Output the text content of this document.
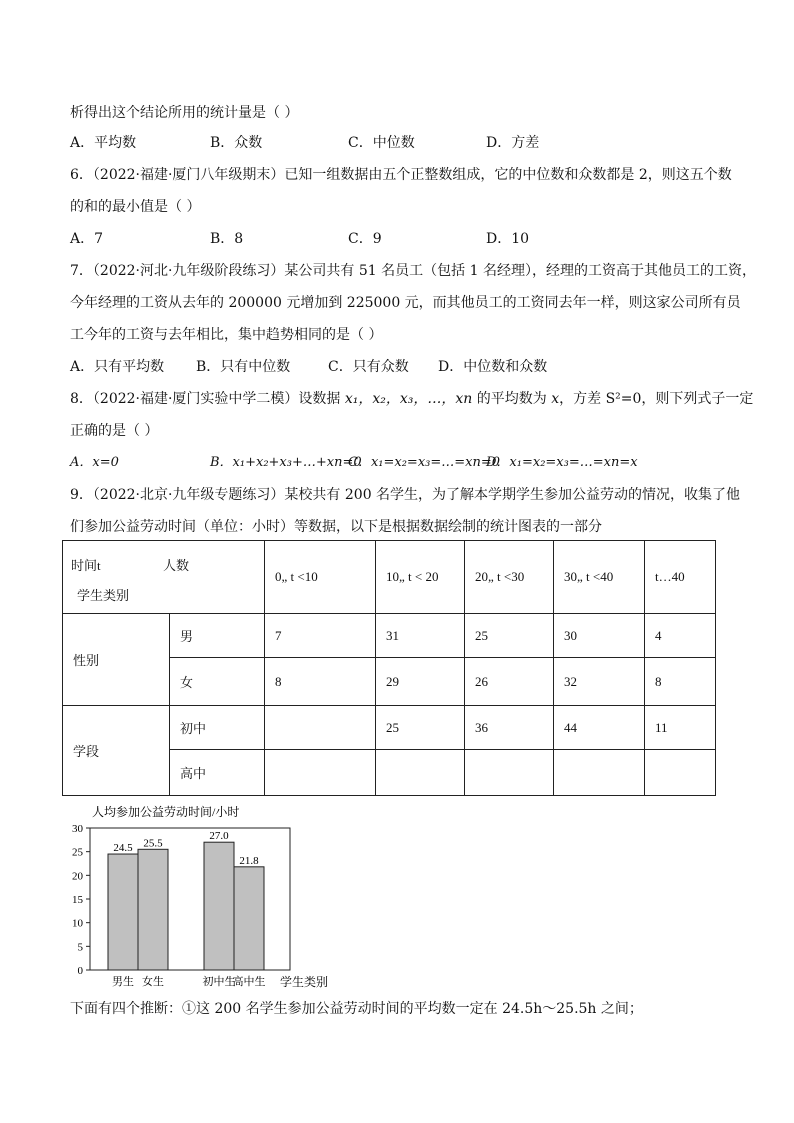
析得出这个结论所用的统计量是（ ）
A．平均数	B．众数	C．中位数	D．方差
6．（2022·福建·厦门八年级期末）已知一组数据由五个正整数组成，它的中位数和众数都是 2，则这五个数
的和的最小值是（ ）
A．7	B．8	C．9	D．10
7．（2022·河北·九年级阶段练习）某公司共有 51 名员工（包括 1 名经理），经理的工资高于其他员工的工资，
今年经理的工资从去年的 200000 元增加到 225000 元，而其他员工的工资同去年一样，则这家公司所有员
工今年的工资与去年相比，集中趋势相同的是（ ）
A．只有平均数 B．只有中位数	C．只有众数 D．中位数和众数
8．（2022·福建·厦门实验中学二模）设数据 x₁，x₂，x₃，…，xn 的平均数为 x，方差 S²=0，则下列式子一定
正确的是（ ）
A．x=0	B．x₁+x₂+x₃+…+xn=0
C．x₁=x₂=x₃=…=xn=0
D．x₁=x₂=x₃=…=xn=x
9．（2022·北京·九年级专题练习）某校共有 200 名学生，为了解本学期学生参加公益劳动的情况，收集了他
们参加公益劳动时间（单位：小时）等数据，以下是根据数据绘制的统计图表的一部分
时间t 人数
学生类别		0„ t <10	10„ t < 20	20„ t <30	30„ t <40	t…40
性别	男	7	31	25	30	4
	女	8	29	26	32	8
学段	初中		25	36	44	11
	高中					
人均参加公益劳动时间/小时
学生类别
0
5
10
15
20
25
30
24.5
男生
25.5
女生
27.0
初中生
21.8
高中生
下面有四个推断：①这 200 名学生参加公益劳动时间的平均数一定在 24.5h～25.5h 之间；
